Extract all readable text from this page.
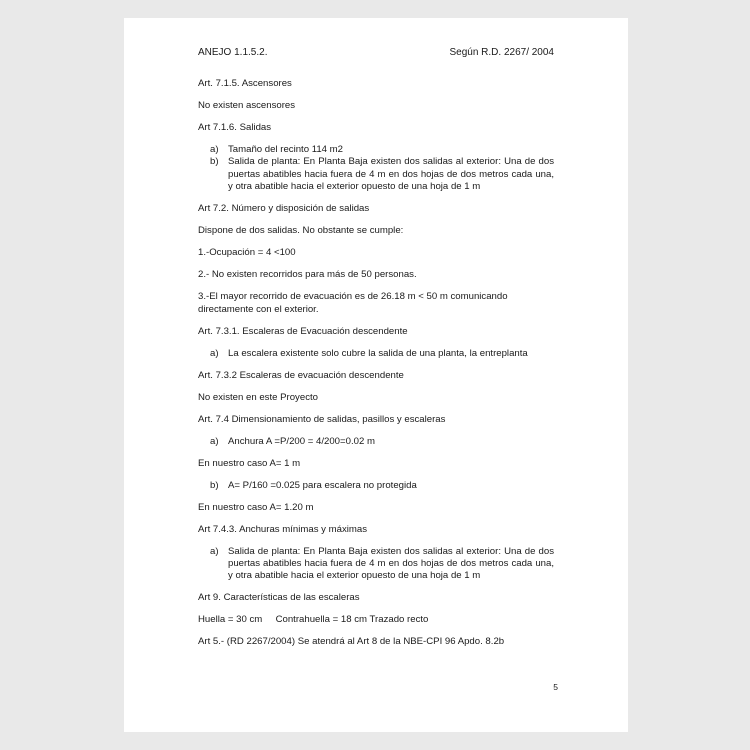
ANEJO 1.1.5.2.	Según R.D. 2267/ 2004

Art. 7.1.5. Ascensores

No existen ascensores

Art 7.1.6. Salidas

a) Tamaño del recinto 114 m2
b) Salida de planta: En Planta Baja existen dos salidas al exterior: Una de dos puertas abatibles hacia fuera de 4 m en dos hojas de dos metros cada una, y otra abatible hacia el exterior opuesto de una hoja de 1 m

Art 7.2. Número y disposición de salidas

Dispone de dos salidas. No obstante se cumple:

1.-Ocupación = 4 <100

2.- No existen recorridos para más de 50 personas.

3.-El mayor recorrido de evacuación es de 26.18 m < 50 m comunicando directamente con el exterior.

Art. 7.3.1. Escaleras de Evacuación descendente

a) La escalera existente solo cubre la salida de una planta, la entreplanta

Art. 7.3.2 Escaleras de evacuación descendente

No existen en este Proyecto

Art. 7.4 Dimensionamiento de salidas, pasillos y escaleras

a) Anchura A =P/200 = 4/200=0.02 m

En nuestro caso A= 1 m

b) A= P/160 =0.025 para escalera no protegida

En nuestro caso A= 1.20 m

Art 7.4.3. Anchuras mínimas y máximas

a) Salida de planta: En Planta Baja existen dos salidas al exterior: Una de dos puertas abatibles hacia fuera de 4 m en dos hojas de dos metros cada una, y otra abatible hacia el exterior opuesto de una hoja de 1 m

Art 9. Características de las escaleras

Huella = 30 cm     Contrahuella = 18 cm Trazado recto

Art 5.- (RD 2267/2004) Se atendrá al Art 8 de la NBE-CPI 96 Apdo. 8.2b

5
